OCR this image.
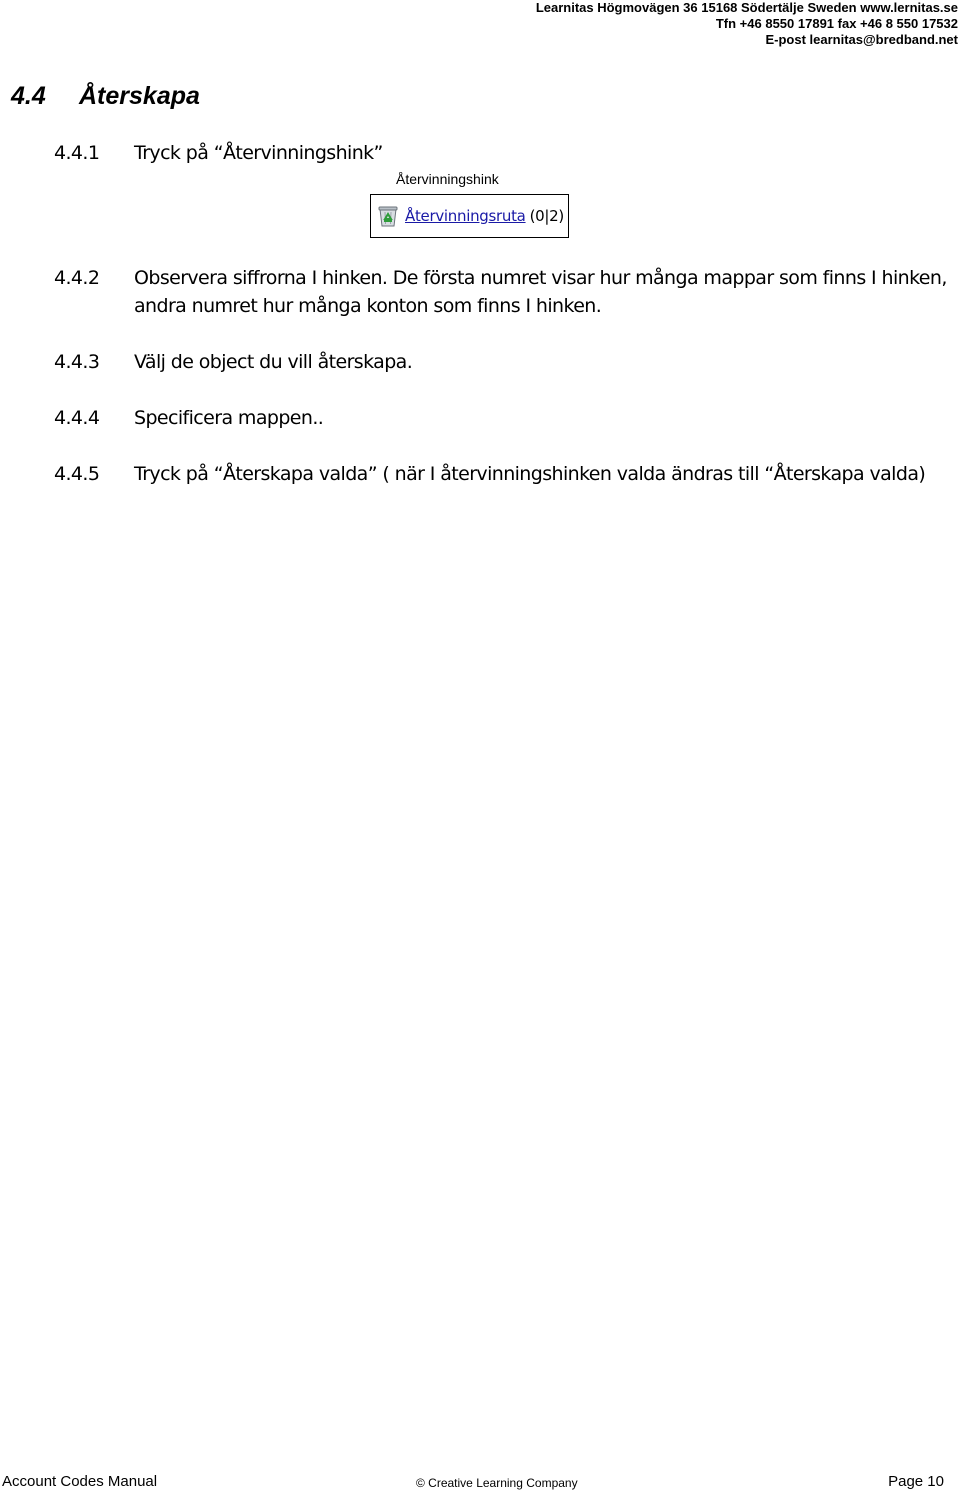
Learnitas Högmovägen 36 15168 Södertälje Sweden www.lernitas.se
Tfn +46 8550 17891 fax +46 8 550 17532
E-post learnitas@bredband.net
4.4 Återskapa
4.4.1 Tryck på “Återvinningshink”
Återvinningshink
Återvinningsruta (0|2)
4.4.2 Observera siffrorna I hinken. De första numret visar hur många mappar som finns I hinken, andra numret hur många konton som finns I hinken.
4.4.3 Välj de object du vill återskapa.
4.4.4 Specificera mappen..
4.4.5 Tryck på “Återskapa valda” ( när I återvinningshinken valda ändras till “Återskapa valda)
Account Codes Manual	© Creative Learning Company	Page 10
